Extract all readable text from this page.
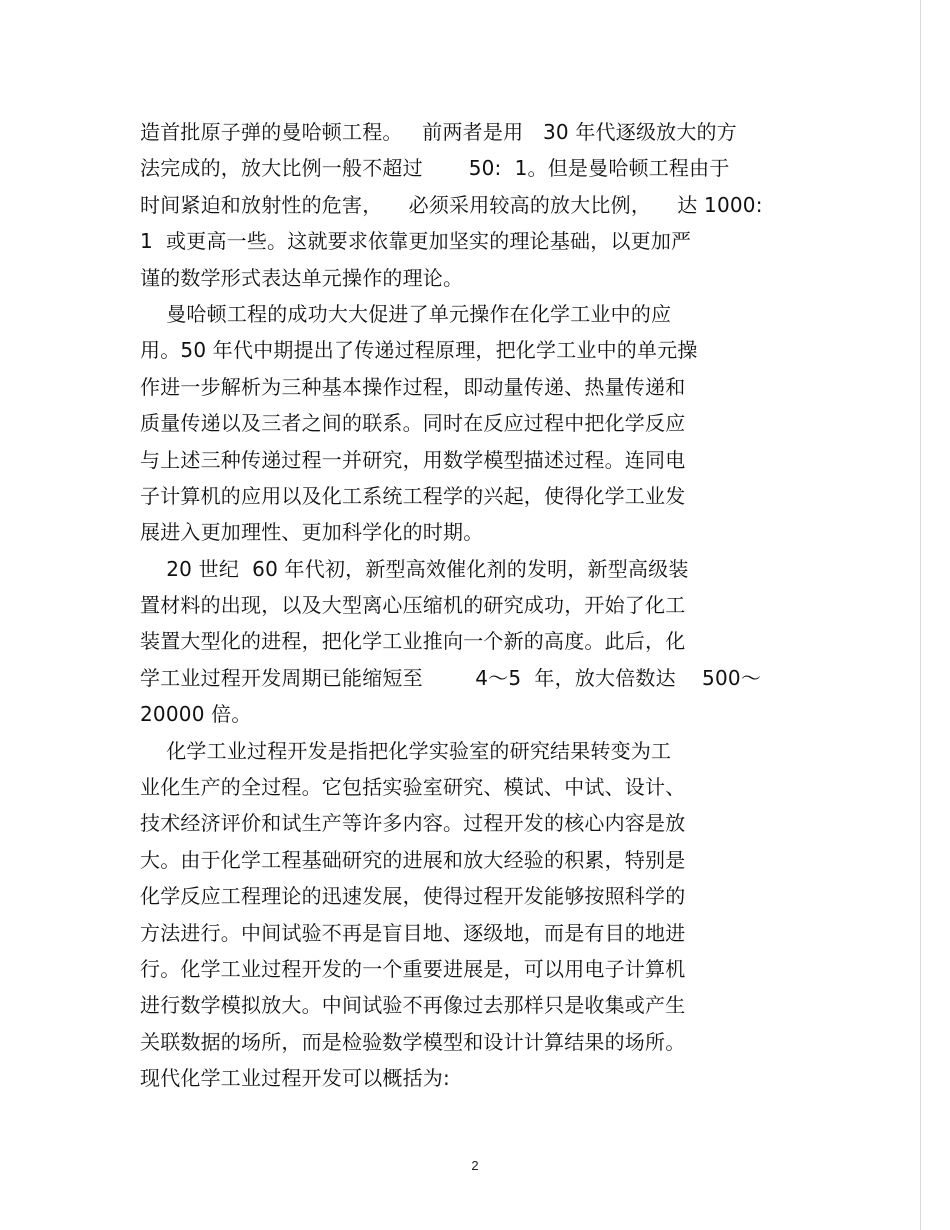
造首批原子弹的曼哈顿工程。   前两者是用   30 年代逐级放大的方
法完成的，放大比例一般不超过       50:  1。但是曼哈顿工程由于
时间紧迫和放射性的危害，    必须采用较高的放大比例，    达 1000:
1  或更高一些。这就要求依靠更加坚实的理论基础，以更加严
谨的数学形式表达单元操作的理论。
曼哈顿工程的成功大大促进了单元操作在化学工业中的应
用。50 年代中期提出了传递过程原理，把化学工业中的单元操
作进一步解析为三种基本操作过程，即动量传递、热量传递和
质量传递以及三者之间的联系。同时在反应过程中把化学反应
与上述三种传递过程一并研究，用数学模型描述过程。连同电
子计算机的应用以及化工系统工程学的兴起，使得化学工业发
展进入更加理性、更加科学化的时期。
20 世纪  60 年代初，新型高效催化剂的发明，新型高级装
置材料的出现，以及大型离心压缩机的研究成功，开始了化工
装置大型化的进程，把化学工业推向一个新的高度。此后，化
学工业过程开发周期已能缩短至        4～5  年，放大倍数达    500～
20000 倍。
化学工业过程开发是指把化学实验室的研究结果转变为工
业化生产的全过程。它包括实验室研究、模试、中试、设计、
技术经济评价和试生产等许多内容。过程开发的核心内容是放
大。由于化学工程基础研究的进展和放大经验的积累，特别是
化学反应工程理论的迅速发展，使得过程开发能够按照科学的
方法进行。中间试验不再是盲目地、逐级地，而是有目的地进
行。化学工业过程开发的一个重要进展是，可以用电子计算机
进行数学模拟放大。中间试验不再像过去那样只是收集或产生
关联数据的场所，而是检验数学模型和设计计算结果的场所。
现代化学工业过程开发可以概括为:
2
